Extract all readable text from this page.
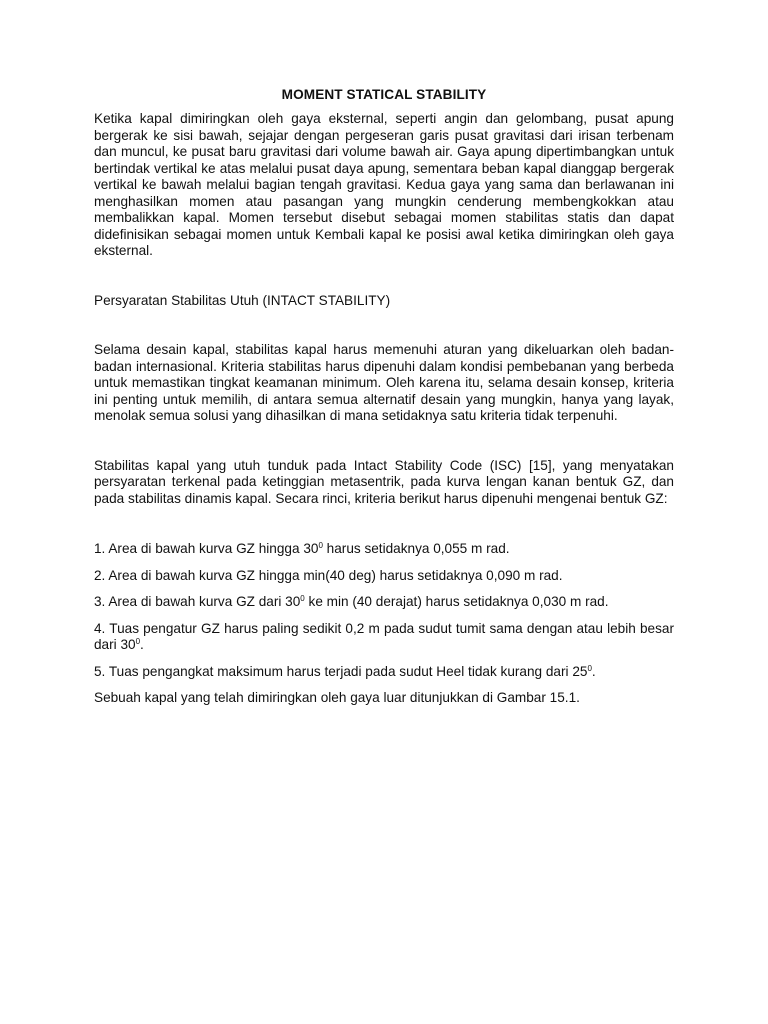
MOMENT STATICAL STABILITY

Ketika kapal dimiringkan oleh gaya eksternal, seperti angin dan gelombang, pusat apung bergerak ke sisi bawah, sejajar dengan pergeseran garis pusat gravitasi dari irisan terbenam dan muncul, ke pusat baru gravitasi dari volume bawah air. Gaya apung dipertimbangkan untuk bertindak vertikal ke atas melalui pusat daya apung, sementara beban kapal dianggap bergerak vertikal ke bawah melalui bagian tengah gravitasi. Kedua gaya yang sama dan berlawanan ini menghasilkan momen atau pasangan yang mungkin cenderung membengkokkan atau membalikkan kapal. Momen tersebut disebut sebagai momen stabilitas statis dan dapat didefinisikan sebagai momen untuk Kembali kapal ke posisi awal ketika dimiringkan oleh gaya eksternal.

Persyaratan Stabilitas Utuh (INTACT STABILITY)

Selama desain kapal, stabilitas kapal harus memenuhi aturan yang dikeluarkan oleh badan-badan internasional. Kriteria stabilitas harus dipenuhi dalam kondisi pembebanan yang berbeda untuk memastikan tingkat keamanan minimum. Oleh karena itu, selama desain konsep, kriteria ini penting untuk memilih, di antara semua alternatif desain yang mungkin, hanya yang layak, menolak semua solusi yang dihasilkan di mana setidaknya satu kriteria tidak terpenuhi.

Stabilitas kapal yang utuh tunduk pada Intact Stability Code (ISC) [15], yang menyatakan persyaratan terkenal pada ketinggian metasentrik, pada kurva lengan kanan bentuk GZ, dan pada stabilitas dinamis kapal. Secara rinci, kriteria berikut harus dipenuhi mengenai bentuk GZ:

1. Area di bawah kurva GZ hingga $30^0$ harus setidaknya 0,055 m rad.
2. Area di bawah kurva GZ hingga min(40 deg) harus setidaknya 0,090 m rad.
3. Area di bawah kurva GZ dari $30^0$ ke min (40 derajat) harus setidaknya 0,030 m rad.
4. Tuas pengatur GZ harus paling sedikit 0,2 m pada sudut tumit sama dengan atau lebih besar dari $30^0$.
5. Tuas pengangkat maksimum harus terjadi pada sudut Heel tidak kurang dari $25^0$.

Sebuah kapal yang telah dimiringkan oleh gaya luar ditunjukkan di Gambar 15.1.
